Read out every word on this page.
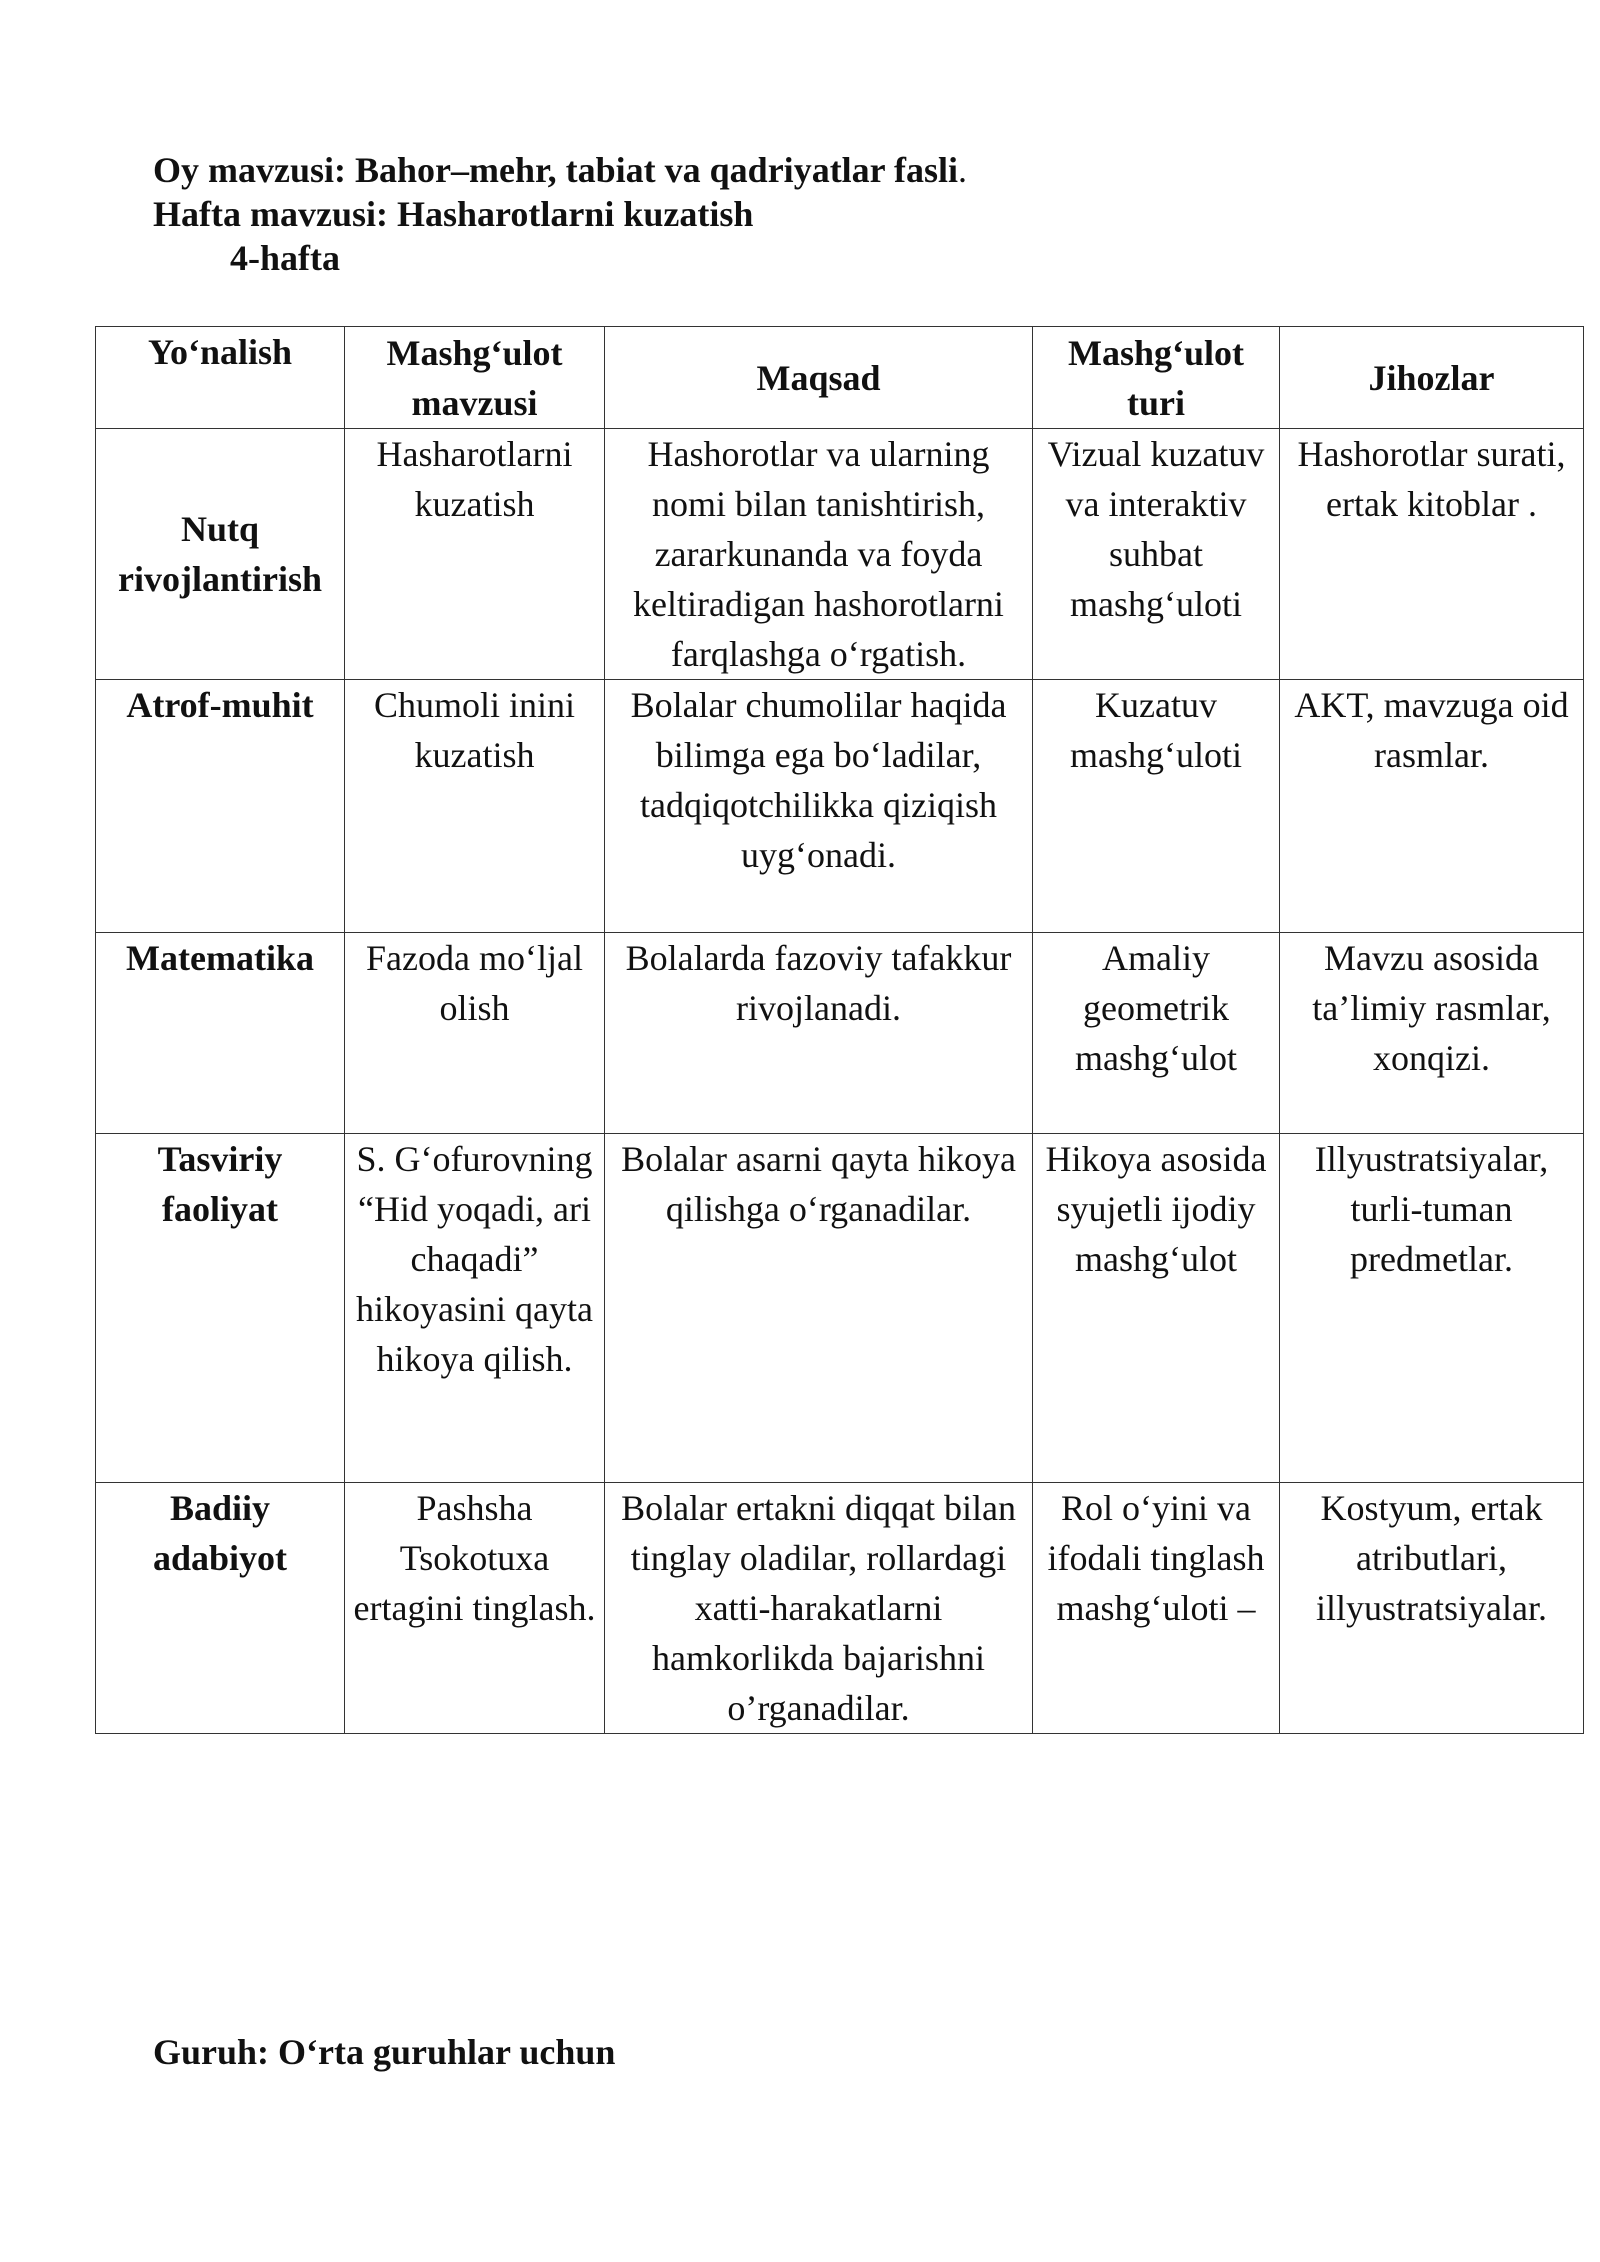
Oy mavzusi: Bahor–mehr, tabiat va qadriyatlar fasli.
Hafta mavzusi: Hasharotlarni kuzatish
4-hafta
Yo‘nalish	Mashg‘ulot mavzusi	Maqsad	Mashg‘ulot turi	Jihozlar
Nutq rivojlantirish	Hasharotlarni kuzatish	Hashorotlar va ularning nomi bilan tanishtirish, zararkunanda va foyda keltiradigan hashorotlarni farqlashga o‘rgatish.	Vizual kuzatuv va interaktiv suhbat mashg‘uloti	Hashorotlar surati, ertak kitoblar .
Atrof-muhit	Chumoli inini kuzatish	Bolalar chumolilar haqida bilimga ega bo‘ladilar, tadqiqotchilikka qiziqish uyg‘onadi.	Kuzatuv mashg‘uloti	AKT, mavzuga oid rasmlar.
Matematika	Fazoda mo‘ljal olish	Bolalarda fazoviy tafakkur rivojlanadi.	Amaliy geometrik mashg‘ulot	Mavzu asosida ta’limiy rasmlar, xonqizi.
Tasviriy faoliyat	S. G‘ofurovning “Hid yoqadi, ari chaqadi” hikoyasini qayta hikoya qilish.	Bolalar asarni qayta hikoya qilishga o‘rganadilar.	Hikoya asosida syujetli ijodiy mashg‘ulot	Illyustratsiyalar, turli-tuman predmetlar.
Badiiy adabiyot	Pashsha Tsokotuxa ertagini tinglash.	Bolalar ertakni diqqat bilan tinglay oladilar, rollardagi xatti-harakatlarni hamkorlikda bajarishni o’rganadilar.	Rol o‘yini va ifodali tinglash mashg‘uloti –	Kostyum, ertak atributlari, illyustratsiyalar.
Guruh: O‘rta guruhlar uchun
